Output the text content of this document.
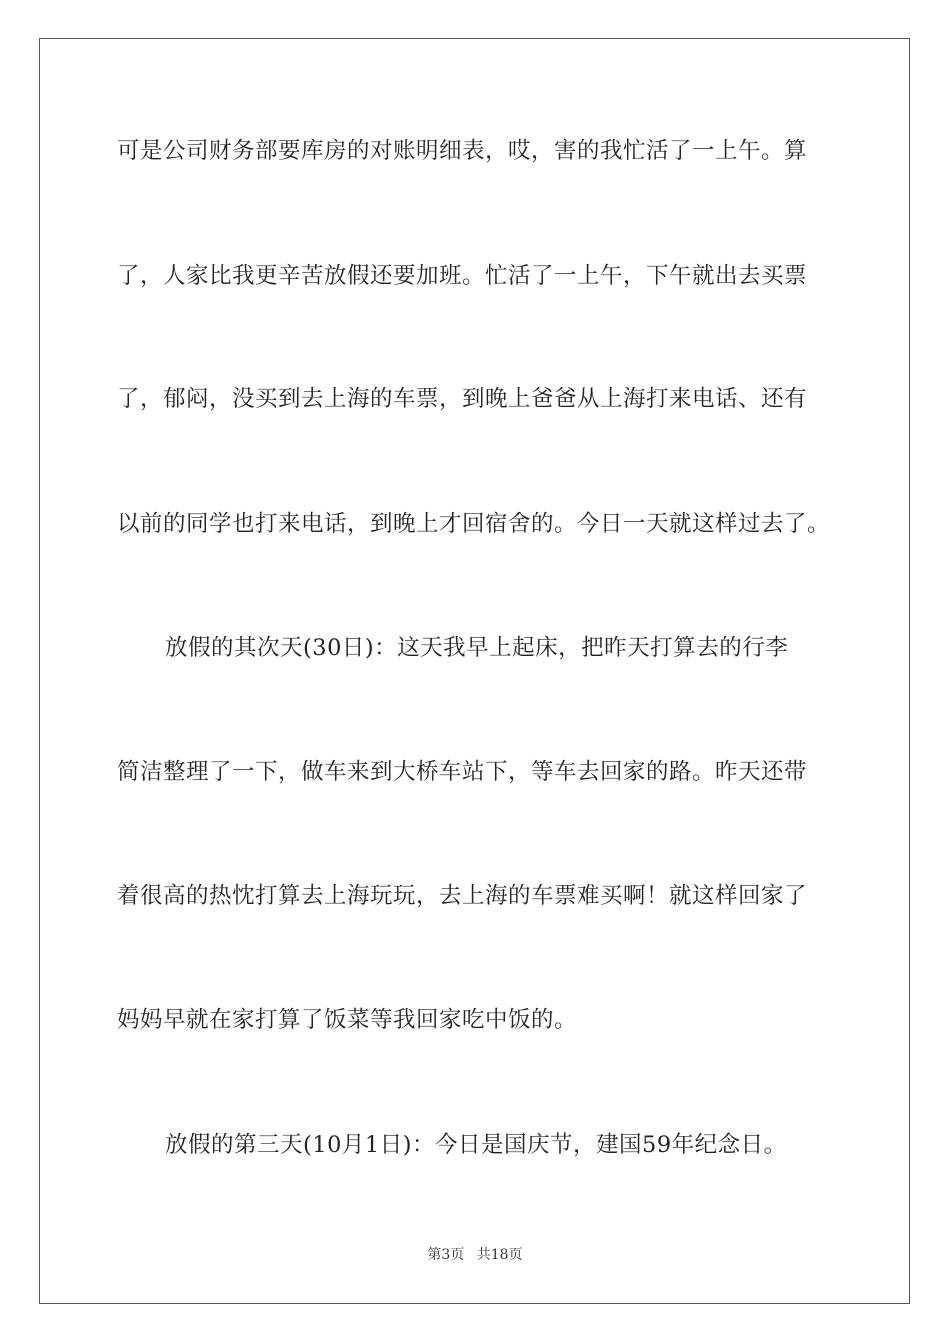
可是公司财务部要库房的对账明细表，哎，害的我忙活了一上午。算
了，人家比我更辛苦放假还要加班。忙活了一上午，下午就出去买票
了，郁闷，没买到去上海的车票，到晚上爸爸从上海打来电话、还有
以前的同学也打来电话，到晚上才回宿舍的。今日一天就这样过去了。
放假的其次天(30日)：这天我早上起床，把昨天打算去的行李
简洁整理了一下，做车来到大桥车站下，等车去回家的路。昨天还带
着很高的热忱打算去上海玩玩，去上海的车票难买啊！就这样回家了
妈妈早就在家打算了饭菜等我回家吃中饭的。
放假的第三天(10月1日)：今日是国庆节，建国59年纪念日。
第3页 共18页
